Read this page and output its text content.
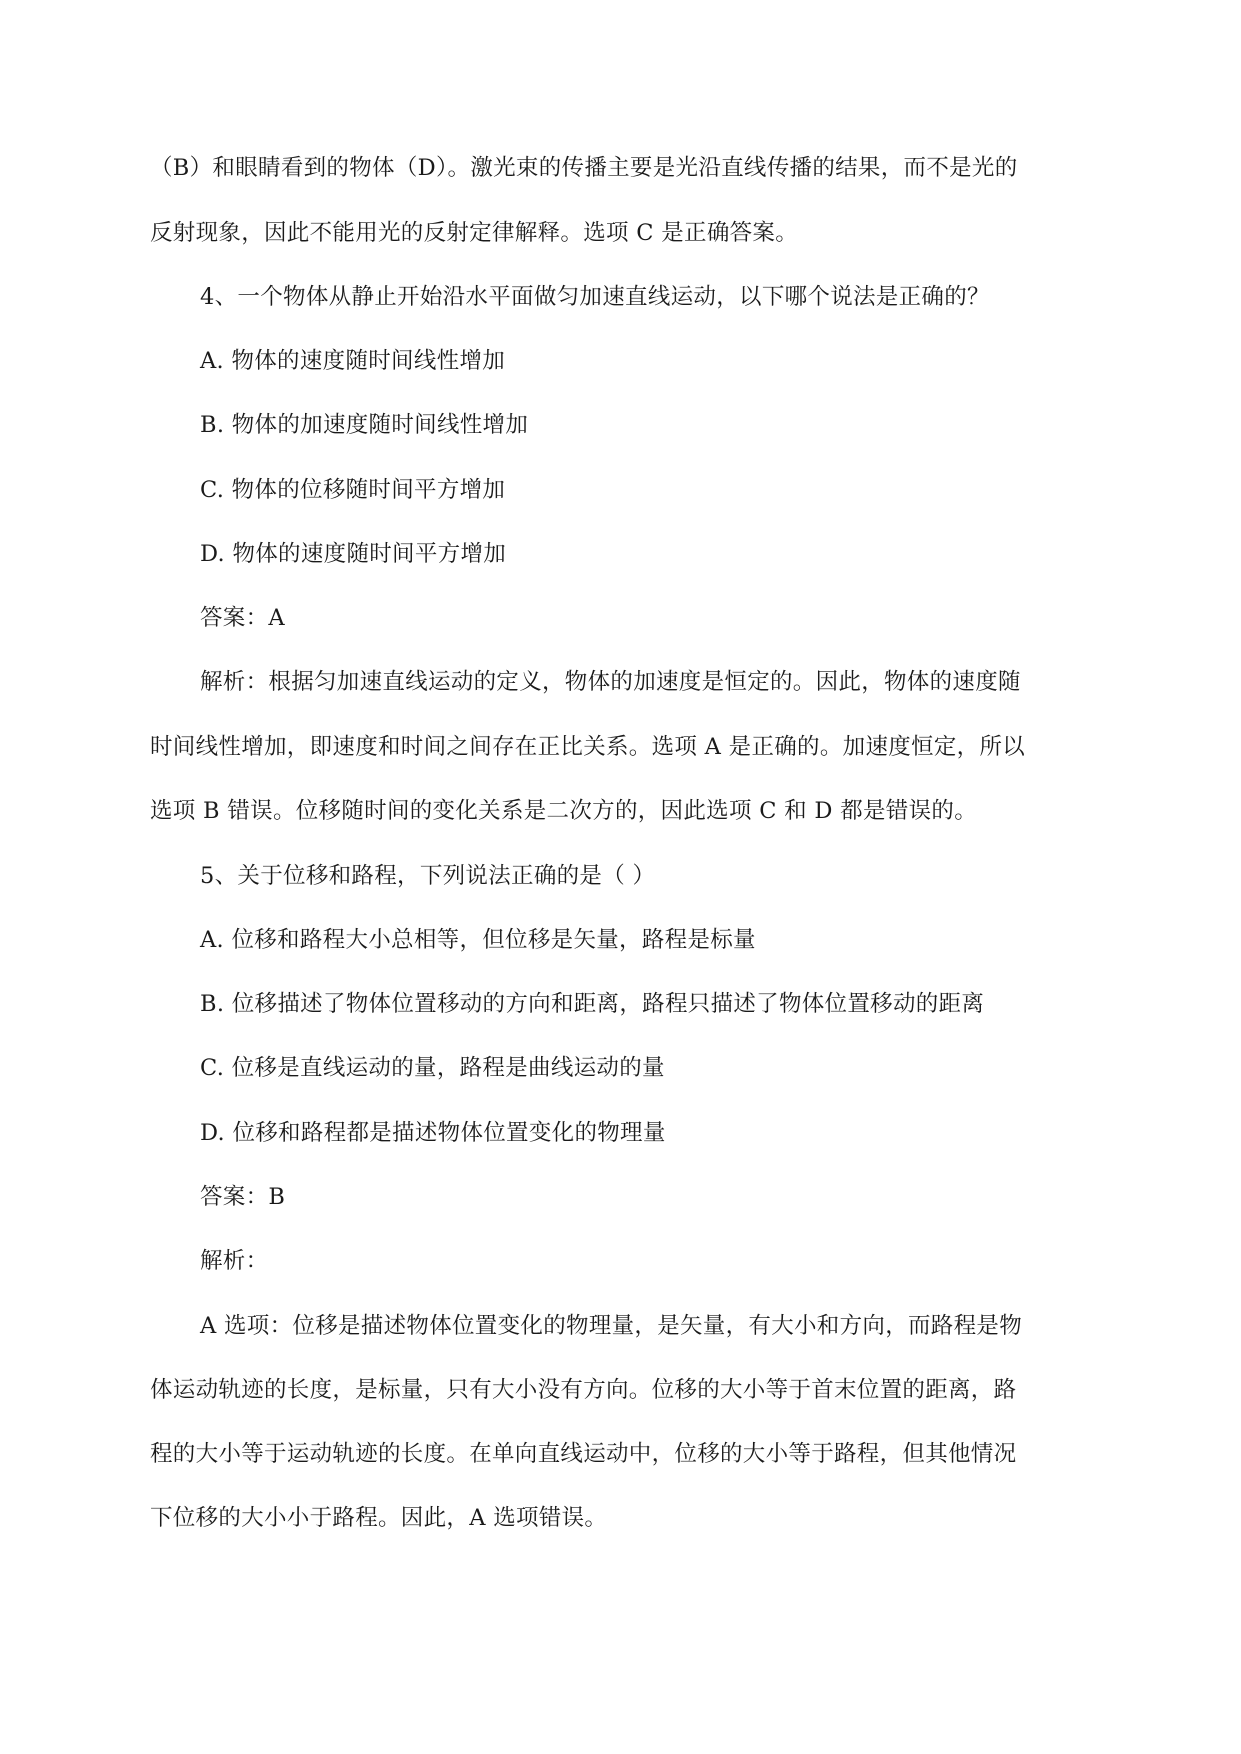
（B）和眼睛看到的物体（D）。激光束的传播主要是光沿直线传播的结果，而不是光的
反射现象，因此不能用光的反射定律解释。选项 C 是正确答案。
4、一个物体从静止开始沿水平面做匀加速直线运动，以下哪个说法是正确的？
A. 物体的速度随时间线性增加
B. 物体的加速度随时间线性增加
C. 物体的位移随时间平方增加
D. 物体的速度随时间平方增加
答案：A
解析：根据匀加速直线运动的定义，物体的加速度是恒定的。因此，物体的速度随
时间线性增加，即速度和时间之间存在正比关系。选项 A 是正确的。加速度恒定，所以
选项 B 错误。位移随时间的变化关系是二次方的，因此选项 C 和 D 都是错误的。
5、关于位移和路程，下列说法正确的是（ ）
A. 位移和路程大小总相等，但位移是矢量，路程是标量
B. 位移描述了物体位置移动的方向和距离，路程只描述了物体位置移动的距离
C. 位移是直线运动的量，路程是曲线运动的量
D. 位移和路程都是描述物体位置变化的物理量
答案：B
解析：
A 选项：位移是描述物体位置变化的物理量，是矢量，有大小和方向，而路程是物
体运动轨迹的长度，是标量，只有大小没有方向。位移的大小等于首末位置的距离，路
程的大小等于运动轨迹的长度。在单向直线运动中，位移的大小等于路程，但其他情况
下位移的大小小于路程。因此，A 选项错误。
